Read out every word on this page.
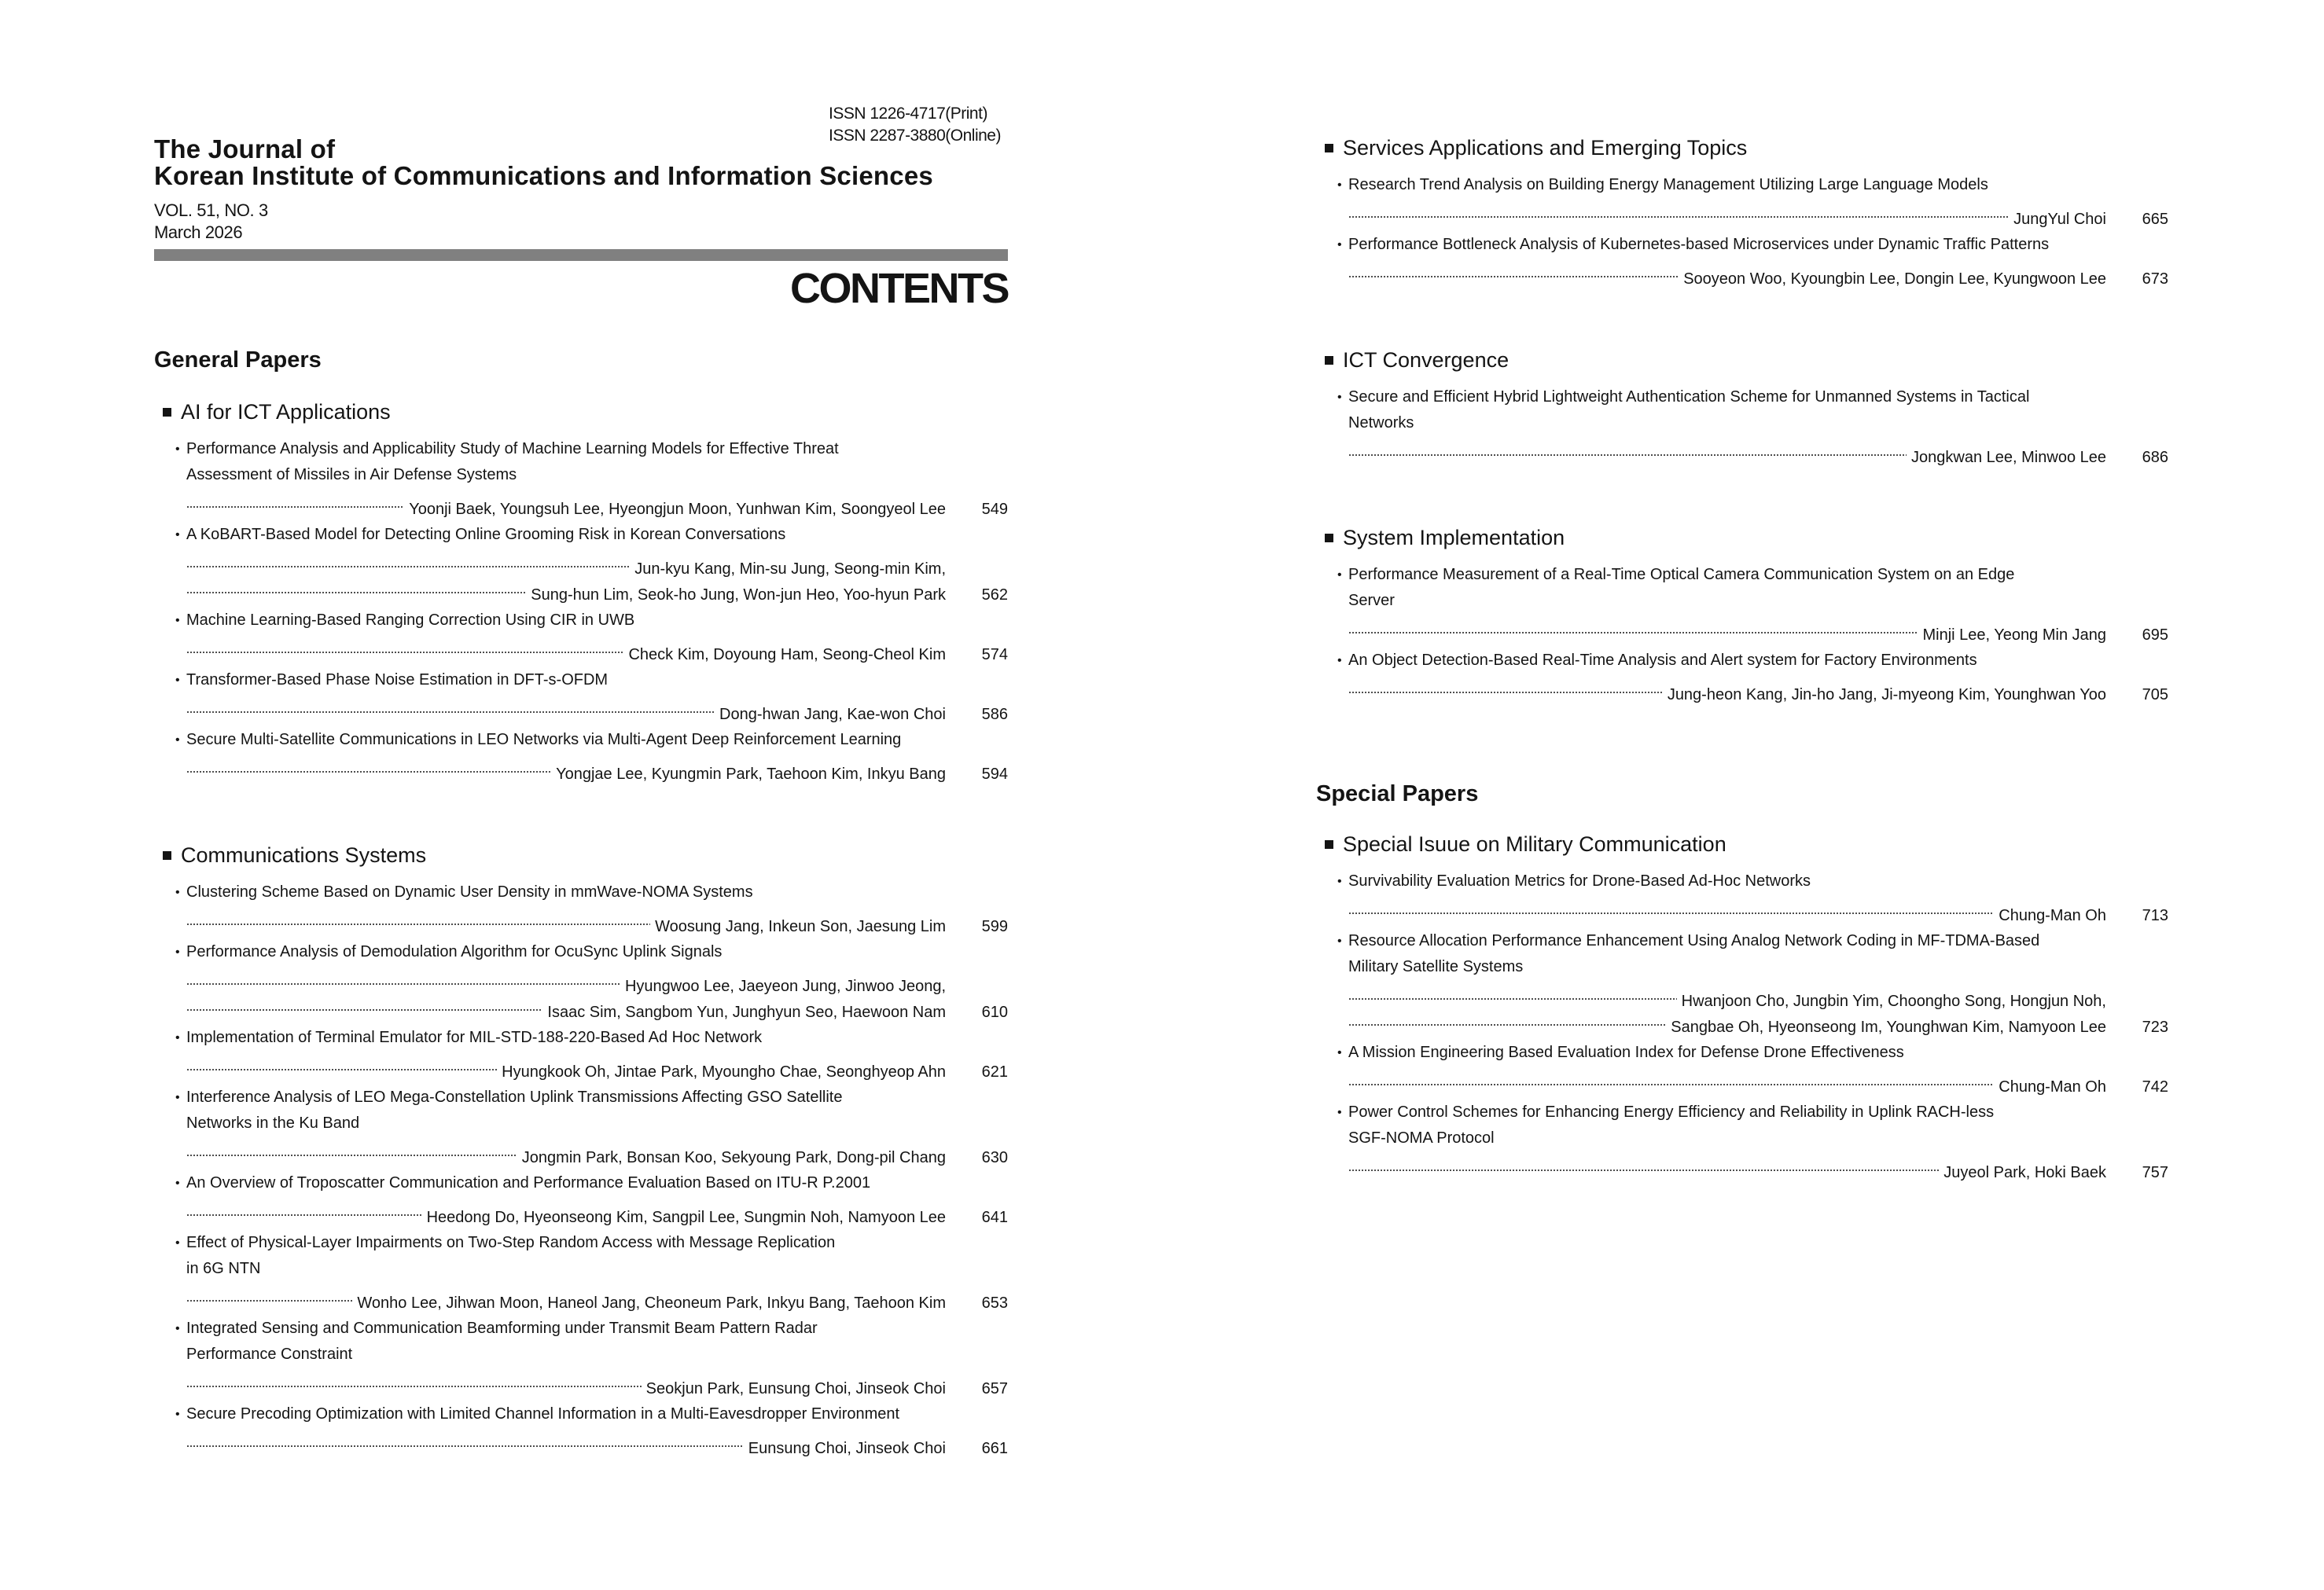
ISSN 1226-4717(Print)
ISSN 2287-3880(Online)
The Journal of
Korean Institute of Communications and Information Sciences
VOL. 51, NO. 3
March 2026
CONTENTS
General Papers
AI for ICT Applications
• Performance Analysis and Applicability Study of Machine Learning Models for Effective Threat
Assessment of Missiles in Air Defense Systems
Yoonji Baek, Youngsuh Lee, Hyeongjun Moon, Yunhwan Kim, Soongyeol Lee	549
• A KoBART-Based Model for Detecting Online Grooming Risk in Korean Conversations
Jun-kyu Kang, Min-su Jung, Seong-min Kim,
Sung-hun Lim, Seok-ho Jung, Won-jun Heo, Yoo-hyun Park	562
• Machine Learning-Based Ranging Correction Using CIR in UWB
Check Kim, Doyoung Ham, Seong-Cheol Kim	574
• Transformer-Based Phase Noise Estimation in DFT-s-OFDM
Dong-hwan Jang, Kae-won Choi	586
• Secure Multi-Satellite Communications in LEO Networks via Multi-Agent Deep Reinforcement Learning
Yongjae Lee, Kyungmin Park, Taehoon Kim, Inkyu Bang	594
Communications Systems
• Clustering Scheme Based on Dynamic User Density in mmWave-NOMA Systems
Woosung Jang, Inkeun Son, Jaesung Lim	599
• Performance Analysis of Demodulation Algorithm for OcuSync Uplink Signals
Hyungwoo Lee, Jaeyeon Jung, Jinwoo Jeong,
Isaac Sim, Sangbom Yun, Junghyun Seo, Haewoon Nam	610
• Implementation of Terminal Emulator for MIL-STD-188-220-Based Ad Hoc Network
Hyungkook Oh, Jintae Park, Myoungho Chae, Seonghyeop Ahn	621
• Interference Analysis of LEO Mega-Constellation Uplink Transmissions Affecting GSO Satellite
Networks in the Ku Band
Jongmin Park, Bonsan Koo, Sekyoung Park, Dong-pil Chang	630
• An Overview of Troposcatter Communication and Performance Evaluation Based on ITU-R P.2001
Heedong Do, Hyeonseong Kim, Sangpil Lee, Sungmin Noh, Namyoon Lee	641
• Effect of Physical-Layer Impairments on Two-Step Random Access with Message Replication
in 6G NTN
Wonho Lee, Jihwan Moon, Haneol Jang, Cheoneum Park, Inkyu Bang, Taehoon Kim	653
• Integrated Sensing and Communication Beamforming under Transmit Beam Pattern Radar
Performance Constraint
Seokjun Park, Eunsung Choi, Jinseok Choi	657
• Secure Precoding Optimization with Limited Channel Information in a Multi-Eavesdropper Environment
Eunsung Choi, Jinseok Choi	661
Special Papers
Services Applications and Emerging Topics
• Research Trend Analysis on Building Energy Management Utilizing Large Language Models
JungYul Choi	665
• Performance Bottleneck Analysis of Kubernetes-based Microservices under Dynamic Traffic Patterns
Sooyeon Woo, Kyoungbin Lee, Dongin Lee, Kyungwoon Lee	673
ICT Convergence
• Secure and Efficient Hybrid Lightweight Authentication Scheme for Unmanned Systems in Tactical
Networks
Jongkwan Lee, Minwoo Lee	686
System Implementation
• Performance Measurement of a Real-Time Optical Camera Communication System on an Edge
Server
Minji Lee, Yeong Min Jang	695
• An Object Detection-Based Real-Time Analysis and Alert system for Factory Environments
Jung-heon Kang, Jin-ho Jang, Ji-myeong Kim, Younghwan Yoo	705
Special Isuue on Military Communication
• Survivability Evaluation Metrics for Drone-Based Ad-Hoc Networks
Chung-Man Oh	713
• Resource Allocation Performance Enhancement Using Analog Network Coding in MF-TDMA-Based
Military Satellite Systems
Hwanjoon Cho, Jungbin Yim, Choongho Song, Hongjun Noh,
Sangbae Oh, Hyeonseong Im, Younghwan Kim, Namyoon Lee	723
• A Mission Engineering Based Evaluation Index for Defense Drone Effectiveness
Chung-Man Oh	742
• Power Control Schemes for Enhancing Energy Efficiency and Reliability in Uplink RACH-less
SGF-NOMA Protocol
Juyeol Park, Hoki Baek	757
